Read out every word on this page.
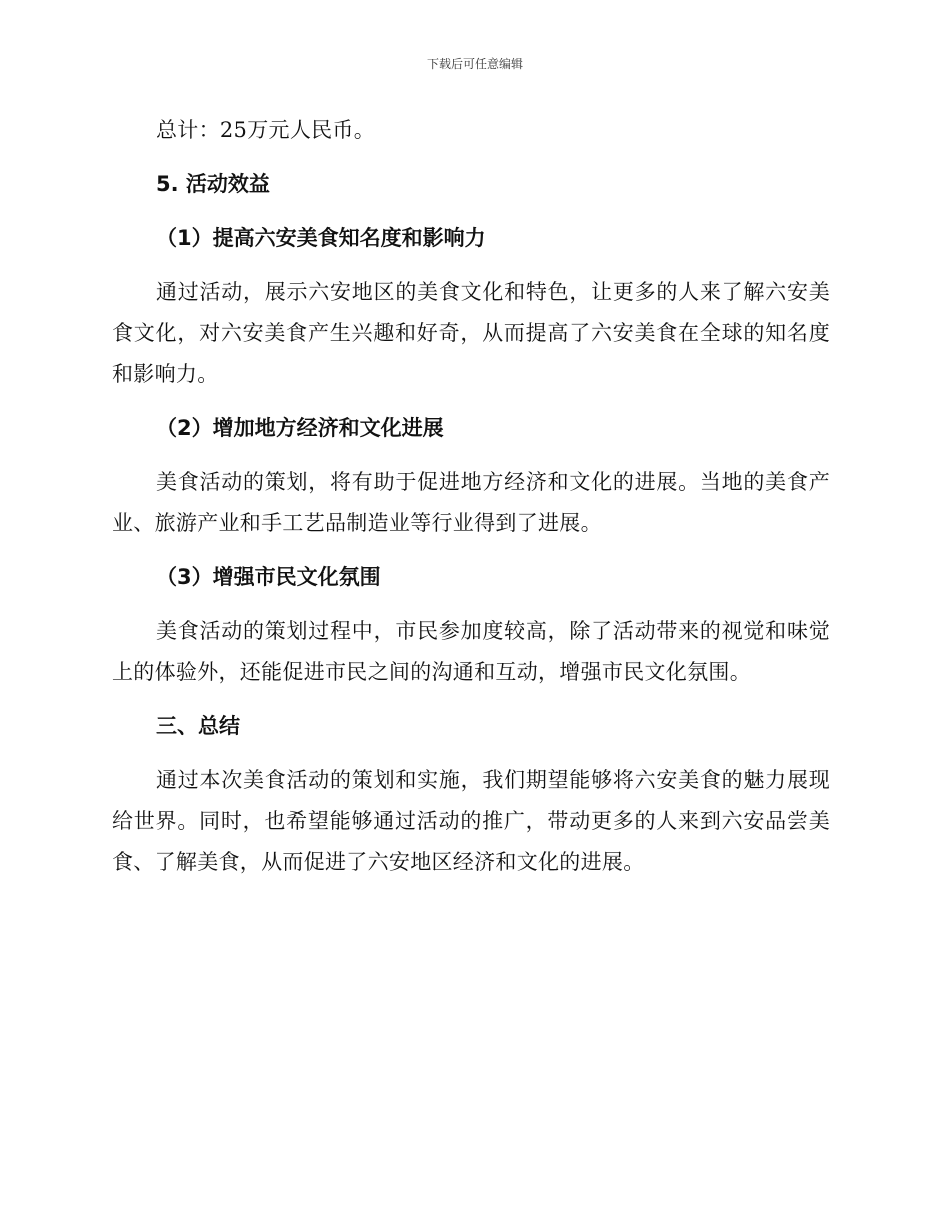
下载后可任意编辑

总计：25万元人民币。

5. 活动效益
（1）提高六安美食知名度和影响力

通过活动，展示六安地区的美食文化和特色，让更多的人来了解六安美食文化，对六安美食产生兴趣和好奇，从而提高了六安美食在全球的知名度和影响力。

（2）增加地方经济和文化进展

美食活动的策划，将有助于促进地方经济和文化的进展。当地的美食产业、旅游产业和手工艺品制造业等行业得到了进展。

（3）增强市民文化氛围

美食活动的策划过程中，市民参加度较高，除了活动带来的视觉和味觉上的体验外，还能促进市民之间的沟通和互动，增强市民文化氛围。

三、总结

通过本次美食活动的策划和实施，我们期望能够将六安美食的魅力展现给世界。同时，也希望能够通过活动的推广，带动更多的人来到六安品尝美食、了解美食，从而促进了六安地区经济和文化的进展。
